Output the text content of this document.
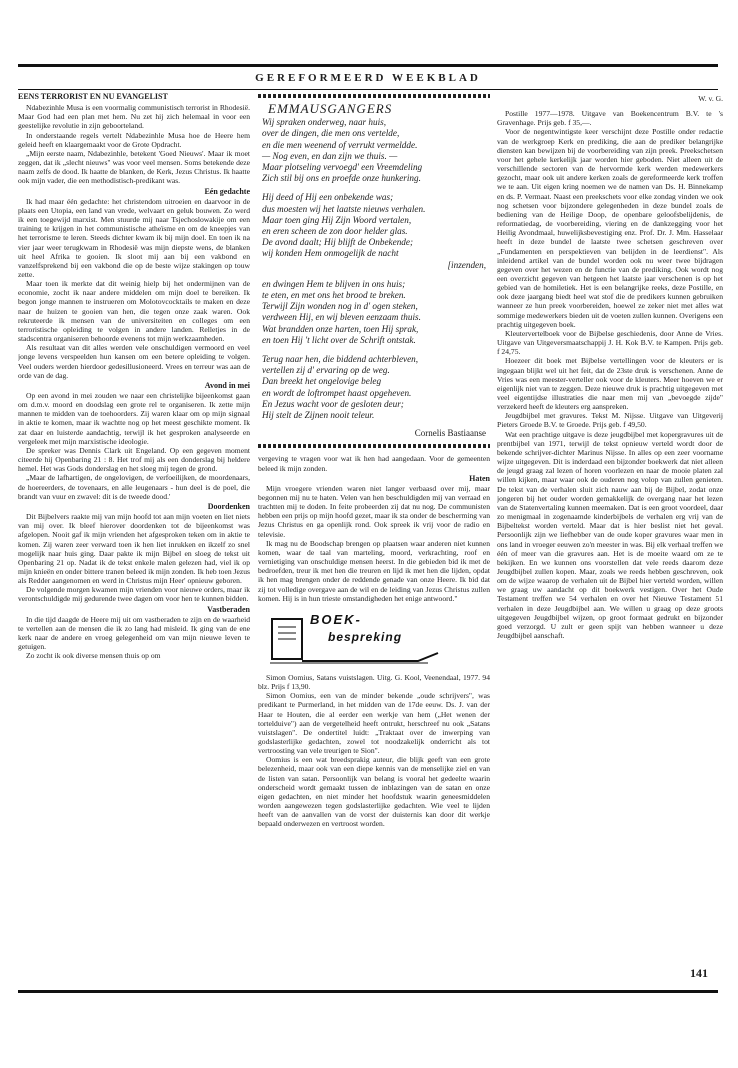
GEREFORMEERD WEEKBLAD
EENS TERRORIST EN NU EVANGELIST

Ndabezinhle Musa is een voormalig communistisch terrorist in Rhodesië. Maar God had een plan met hem. Nu zet hij zich helemaal in voor een geestelijke revolutie in zijn geboorteland.

In onderstaande regels vertelt Ndabezinhle Musa hoe de Heere hem geleid heeft en klaargemaakt voor de Grote Opdracht.

„Mijn eerste naam, Ndabezinhle, betekent 'Goed Nieuws'. Maar ik moet zeggen, dat ik „slecht nieuws" was voor veel mensen. Soms betekende deze naam zelfs de dood. Ik haatte de blanken, de Kerk, Jezus Christus. Ik haatte ook mijn vader, die een methodistisch-predikant was.

Eén gedachte

Ik had maar één gedachte: het christendom uitroeien en daarvoor in de plaats een Utopia, een land van vrede, welvaart en geluk bouwen. Zo werd ik een toegewijd marxist. Men stuurde mij naar Tsjechoslowakije om een training te krijgen in het communistische atheïsme en om de kneepjes van het terrorisme te leren. Steeds dichter kwam ik bij mijn doel. En toen ik na vier jaar weer terugkwam in Rhodesië was mijn diepste wens, de blanken uit heel Afrika te gooien. Ik sloot mij aan bij een vakbond en vanzelfsprekend bij een vakbond die op de beste wijze stakingen op touw zette.

Maar toen ik merkte dat dit weinig hielp bij het ondermijnen van de economie, zocht ik naar andere middelen om mijn doel te bereiken. Ik begon jonge mannen te instrueren om Molotovcocktails te maken en deze naar de huizen te gooien van hen, die tegen onze zaak waren. Ook rekruteerde ik mensen van de universiteiten en colleges om een terroristische opleiding te volgen in andere landen. Relletjes in de stadscentra organiseren behoorde evenens tot mijn werkzaamheden.

Als resultaat van dit alles werden vele onschuldigen vermoord en veel jonge levens verspeelden hun kansen om een betere opleiding te volgen. Veel ouders werden hierdoor gedesillusioneerd. Vrees en terreur was aan de orde van de dag.

Avond in mei

Op een avond in mei zouden we naar een christelijke bijeenkomst gaan om d.m.v. moord en doodslag een grote rel te organiseren. Ik zette mijn mannen te midden van de toehoorders. Zij waren klaar om op mijn signaal in aktie te komen, maar ik wachtte nog op het meest geschikte moment. Ik zat daar en luisterde aandachtig, terwijl ik het gesproken analyseerde en vergeleek met mijn marxistische ideologie.

De spreker was Dennis Clark uit Engeland. Op een gegeven moment citeerde hij Openbaring 21 : 8. Het trof mij als een donderslag bij heldere hemel. Het was Gods donderslag en het sloeg mij tegen de grond.

„Maar de lafhartigen, de ongelovigen, de verfoeilijken, de moordenaars, de hoereerders, de tovenaars, en alle leugenaars - hun deel is de poel, die brandt van vuur en zwavel: dit is de tweede dood.'

Doordenken

Dit Bijbelvers raakte mij van mijn hoofd tot aan mijn voeten en liet niets van mij over. Ik bleef hierover doordenken tot de bijeenkomst was afgelopen. Nooit gaf ik mijn vrienden het afgesproken teken om in aktie te komen. Zij waren zeer verward toen ik hen liet inrukken en ikzelf zo snel mogelijk naar huis ging. Daar pakte ik mijn Bijbel en sloeg de tekst uit Openbaring 21 op. Nadat ik de tekst enkele malen gelezen had, viel ik op mijn knieën en onder bittere tranen beleed ik mijn zonden. Ik heb toen Jezus als Redder aangenomen en werd in Christus mijn Heer' opnieuw geboren.

De volgende morgen kwamen mijn vrienden voor nieuwe orders, maar ik verontschuldigde mij gedurende twee dagen om voor hen te kunnen bidden.

Vastberaden

In die tijd daagde de Heere mij uit om vastberaden te zijn en de waarheid te vertellen aan de mensen die ik zo lang had misleid. Ik ging van de ene kerk naar de andere en vroeg gelegenheid om van mijn nieuwe leven te getuigen.

Zo zocht ik ook diverse mensen thuis op om

EMMAUSGANGERS
Wij spraken onderweg, naar huis,
over de dingen, die men ons vertelde,
en die men weenend of verrukt vermeldde.
— Nog even, en dan zijn we thuis. —
Maar plotseling vervoegd' een Vreemdeling
Zich stil bij ons en proefde onze hunkering.
Hij deed of Hij een onbekende was;
dus moesten wij het laatste nieuws verhalen.
Maar toen ging Hij Zijn Woord vertalen,
en eren scheen de zon door helder glas.
De avond daalt; Hij blijft de Onbekende;
wij konden Hem onmogelijk de nacht
[inzenden,
en dwingen Hem te blijven in ons huis;
te eten, en met ons het brood te breken.
Terwijl Zijn wonden nog in d' ogen steken,
verdween Hij, en wij bleven eenzaam thuis.
Wat brandden onze harten, toen Hij sprak,
en toen Hij 't licht over de Schrift ontstak.
Terug naar hen, die biddend achterbleven,
vertellen zij d' ervaring op de weg.
Dan breekt het ongelovige beleg
en wordt de loftrompet haast opgeheven.
En Jezus wacht voor de gesloten deur;
Hij stelt de Zijnen nooit teleur.
Cornelis Bastiaanse

vergeving te vragen voor wat ik hen had aangedaan. Voor de gemeenten beleed ik mijn zonden.

Haten

Mijn vroegere vrienden waren niet langer verbaasd over mij, maar begonnen mij nu te haten. Velen van hen beschuldigden mij van verraad en trachtten mij te doden. In feite probeerden zij dat nu nog. De communisten hebben een prijs op mijn hoofd gezet, maar ik sta onder de bescherming van Jezus Christus en ga openlijk rond. Ook spreek ik vrij voor de radio en televisie.

Ik mag nu de Boodschap brengen op plaatsen waar anderen niet kunnen komen, waar de taal van marteling, moord, verkrachting, roof en vernietiging van onschuldige mensen heerst. In die gebieden bid ik met de bedroefden, treur ik met hen die treuren en lijd ik met hen die lijden, opdat ik hen mag brengen onder de reddende genade van onze Heere. Ik bid dat zij tot volledige overgave aan de wil en de leiding van Jezus Christus zullen komen. Hij is in hun trieste omstandigheden het enige antwoord."

BOEK-
bespreking

Simon Oomius, Satans vuistslagen. Uitg. G. Kool, Veenendaal, 1977. 94 blz. Prijs f 13,90.

Simon Oomius, een van de minder bekende „oude schrijvers", was predikant te Purmerland, in het midden van de 17de eeuw. Ds. J. van der Haar te Houten, die al eerder een werkje van hem („Het wenen der tortelduive") aan de vergetelheid heeft ontrukt, herschreef nu ook „Satans vuistslagen". De ondertitel luidt: „Traktaat over de inwerping van godslasterlijke gedachten, zowel tot noodzakelijk onderricht als tot vertroosting van vele treurigen te Sion".

Oomius is een wat breedsprakig auteur, die blijk geeft van een grote belezenheid, maar ook van een diepe kennis van de menselijke ziel en van de listen van satan. Persoonlijk van belang is vooral het gedeelte waarin onderscheid wordt gemaakt tussen de inblazingen van de satan en onze eigen gedachten, en niet minder het hoofdstuk waarin geneesmiddelen worden aangewezen tegen godslasterlijke gedachten. Wie veel te lijden heeft van de aanvallen van de vorst der duisternis kan door dit werkje bepaald onderwezen en vertroost worden.

W. v. G.

Postille 1977—1978. Uitgave van Boekencentrum B.V. te 's Gravenhage. Prijs geb. f 35,—.

Voor de negentwintigste keer verschijnt deze Postille onder redactie van de werkgroep Kerk en prediking, die aan de prediker belangrijke diensten kan bewijzen bij de voorbereiding van zijn preek. Preekschetsen voor het gehele kerkelijk jaar worden hier geboden. Niet alleen uit de verschillende sectoren van de hervormde kerk werden medewerkers gezocht, maar ook uit andere kerken zoals de gereformeerde kerk troffen we te aan. Uit eigen kring noemen we de namen van Ds. H. Binnekamp en ds. P. Vermaat. Naast een preekschets voor elke zondag vinden we ook nog schetsen voor bijzondere gelegenheden in deze bundel zoals de bediening van de Heilige Doop, de openbare geloofsbelijdenis, de reformatiedag, de voorbereiding, viering en de dankzegging voor het Heilig Avondmaal, huwelijksbevestiging enz. Prof. Dr. J. Mm. Hasselaar heeft in deze bundel de laatste twee schetsen geschreven over „Fundamenten en perspektieven van belijden in de leerdienst". Als inleidend artikel van de bundel worden ook nu weer twee bijdragen gegeven over het wezen en de functie van de prediking. Ook wordt nog een overzicht gegeven van hetgeen het laatste jaar verschenen is op het gebied van de homiletiek. Het is een belangrijke reeks, deze Postille, en ook deze jaargang biedt heel wat stof die de predikers kunnen gebruiken wanneer ze hun preek voorbereiden, hoewel ze zeker niet met alles wat sommige medewerkers bieden uit de voeten zullen kunnen. Overigens een prachtig uitgegeven boek.

Kleutervertelboek voor de Bijbelse geschiedenis, door Anne de Vries. Uitgave van Uitgeversmaatschappij J. H. Kok B.V. te Kampen. Prijs geb. f 24,75.

Hoezeer dit boek met Bijbelse vertellingen voor de kleuters er is ingegaan blijkt wel uit het feit, dat de 23ste druk is verschenen. Anne de Vries was een meester-verteller ook voor de kleuters. Meer hoeven we er eigenlijk niet van te zeggen. Deze nieuwe druk is prachtig uitgegeven met veel eigentijdse illustraties die naar men mij van „bevoegde zijde" verzekerd heeft de kleuters erg aanspreken.

Jeugdbijbel met gravures. Tekst M. Nijsse. Uitgave van Uitgeverij Pieters Groede B.V. te Groede. Prijs geb. f 49,50.

Wat een prachtige uitgave is deze jeugdbijbel met kopergravures uit de prentbijbel van 1971, terwijl de tekst opnieuw verteld wordt door de bekende schrijver-dichter Marinus Nijsse. In alles op een zeer voorname wijze uitgegeven. Dit is inderdaad een bijzonder boekwerk dat niet alleen de jeugd graag zal lezen of horen voorlezen en naar de mooie platen zal willen kijken, maar waar ook de ouderen nog volop van zullen genieten. De tekst van de verhalen sluit zich nauw aan bij de Bijbel, zodat onze jongeren bij het ouder worden gemakkelijk de overgang naar het lezen van de Statenvertaling kunnen meemaken. Dat is een groot voordeel, daar zo menigmaal in zogenaamde kinderbijbels de verhalen erg vrij van de Bijbeltekst worden verteld. Maar dat is hier beslist niet het geval. Persoonlijk zijn we liefhebber van de oude koper gravures waar men in ons land in vroeger eeuwen zo'n meester in was. Bij elk verhaal treffen we één of meer van die gravures aan. Het is de moeite waard om ze te bekijken. En we kunnen ons voorstellen dat vele reeds daarom deze Jeugdbijbel zullen kopen. Maar, zoals we reeds hebben geschreven, ook om de wijze waarop de verhalen uit de Bijbel hier verteld worden, willen we graag uw aandacht op dit boekwerk vestigen. Over het Oude Testament treffen we 54 verhalen en over het Nieuwe Testament 51 verhalen in deze Jeugdbijbel aan. We willen u graag op deze groots uitgegeven Jeugdbijbel wijzen, op groot formaat gedrukt en bijzonder goed verzorgd. U zult er geen spijt van hebben wanneer u deze Jeugdbijbel aanschaft.

141
